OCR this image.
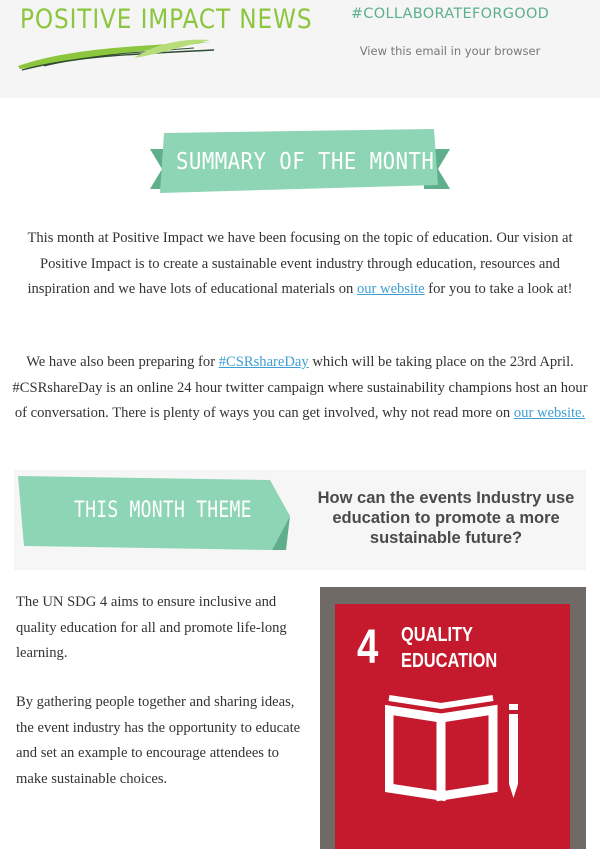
POSITIVE IMPACT NEWS	#COLLABORATEFORGOOD
View this email in your browser
SUMMARY OF THE MONTH

This month at Positive Impact we have been focusing on the topic of education. Our vision at Positive Impact is to create a sustainable event industry through education, resources and inspiration and we have lots of educational materials on our website for you to take a look at!

We have also been preparing for #CSRshareDay which will be taking place on the 23rd April. #CSRshareDay is an online 24 hour twitter campaign where sustainability champions host an hour of conversation. There is plenty of ways you can get involved, why not read more on our website.

THIS MONTH THEME	How can the events Industry use education to promote a more sustainable future?

The UN SDG 4 aims to ensure inclusive and quality education for all and promote life-long learning.

By gathering people together and sharing ideas, the event industry has the opportunity to educate and set an example to encourage attendees to make sustainable choices.

4 QUALITY
EDUCATION
